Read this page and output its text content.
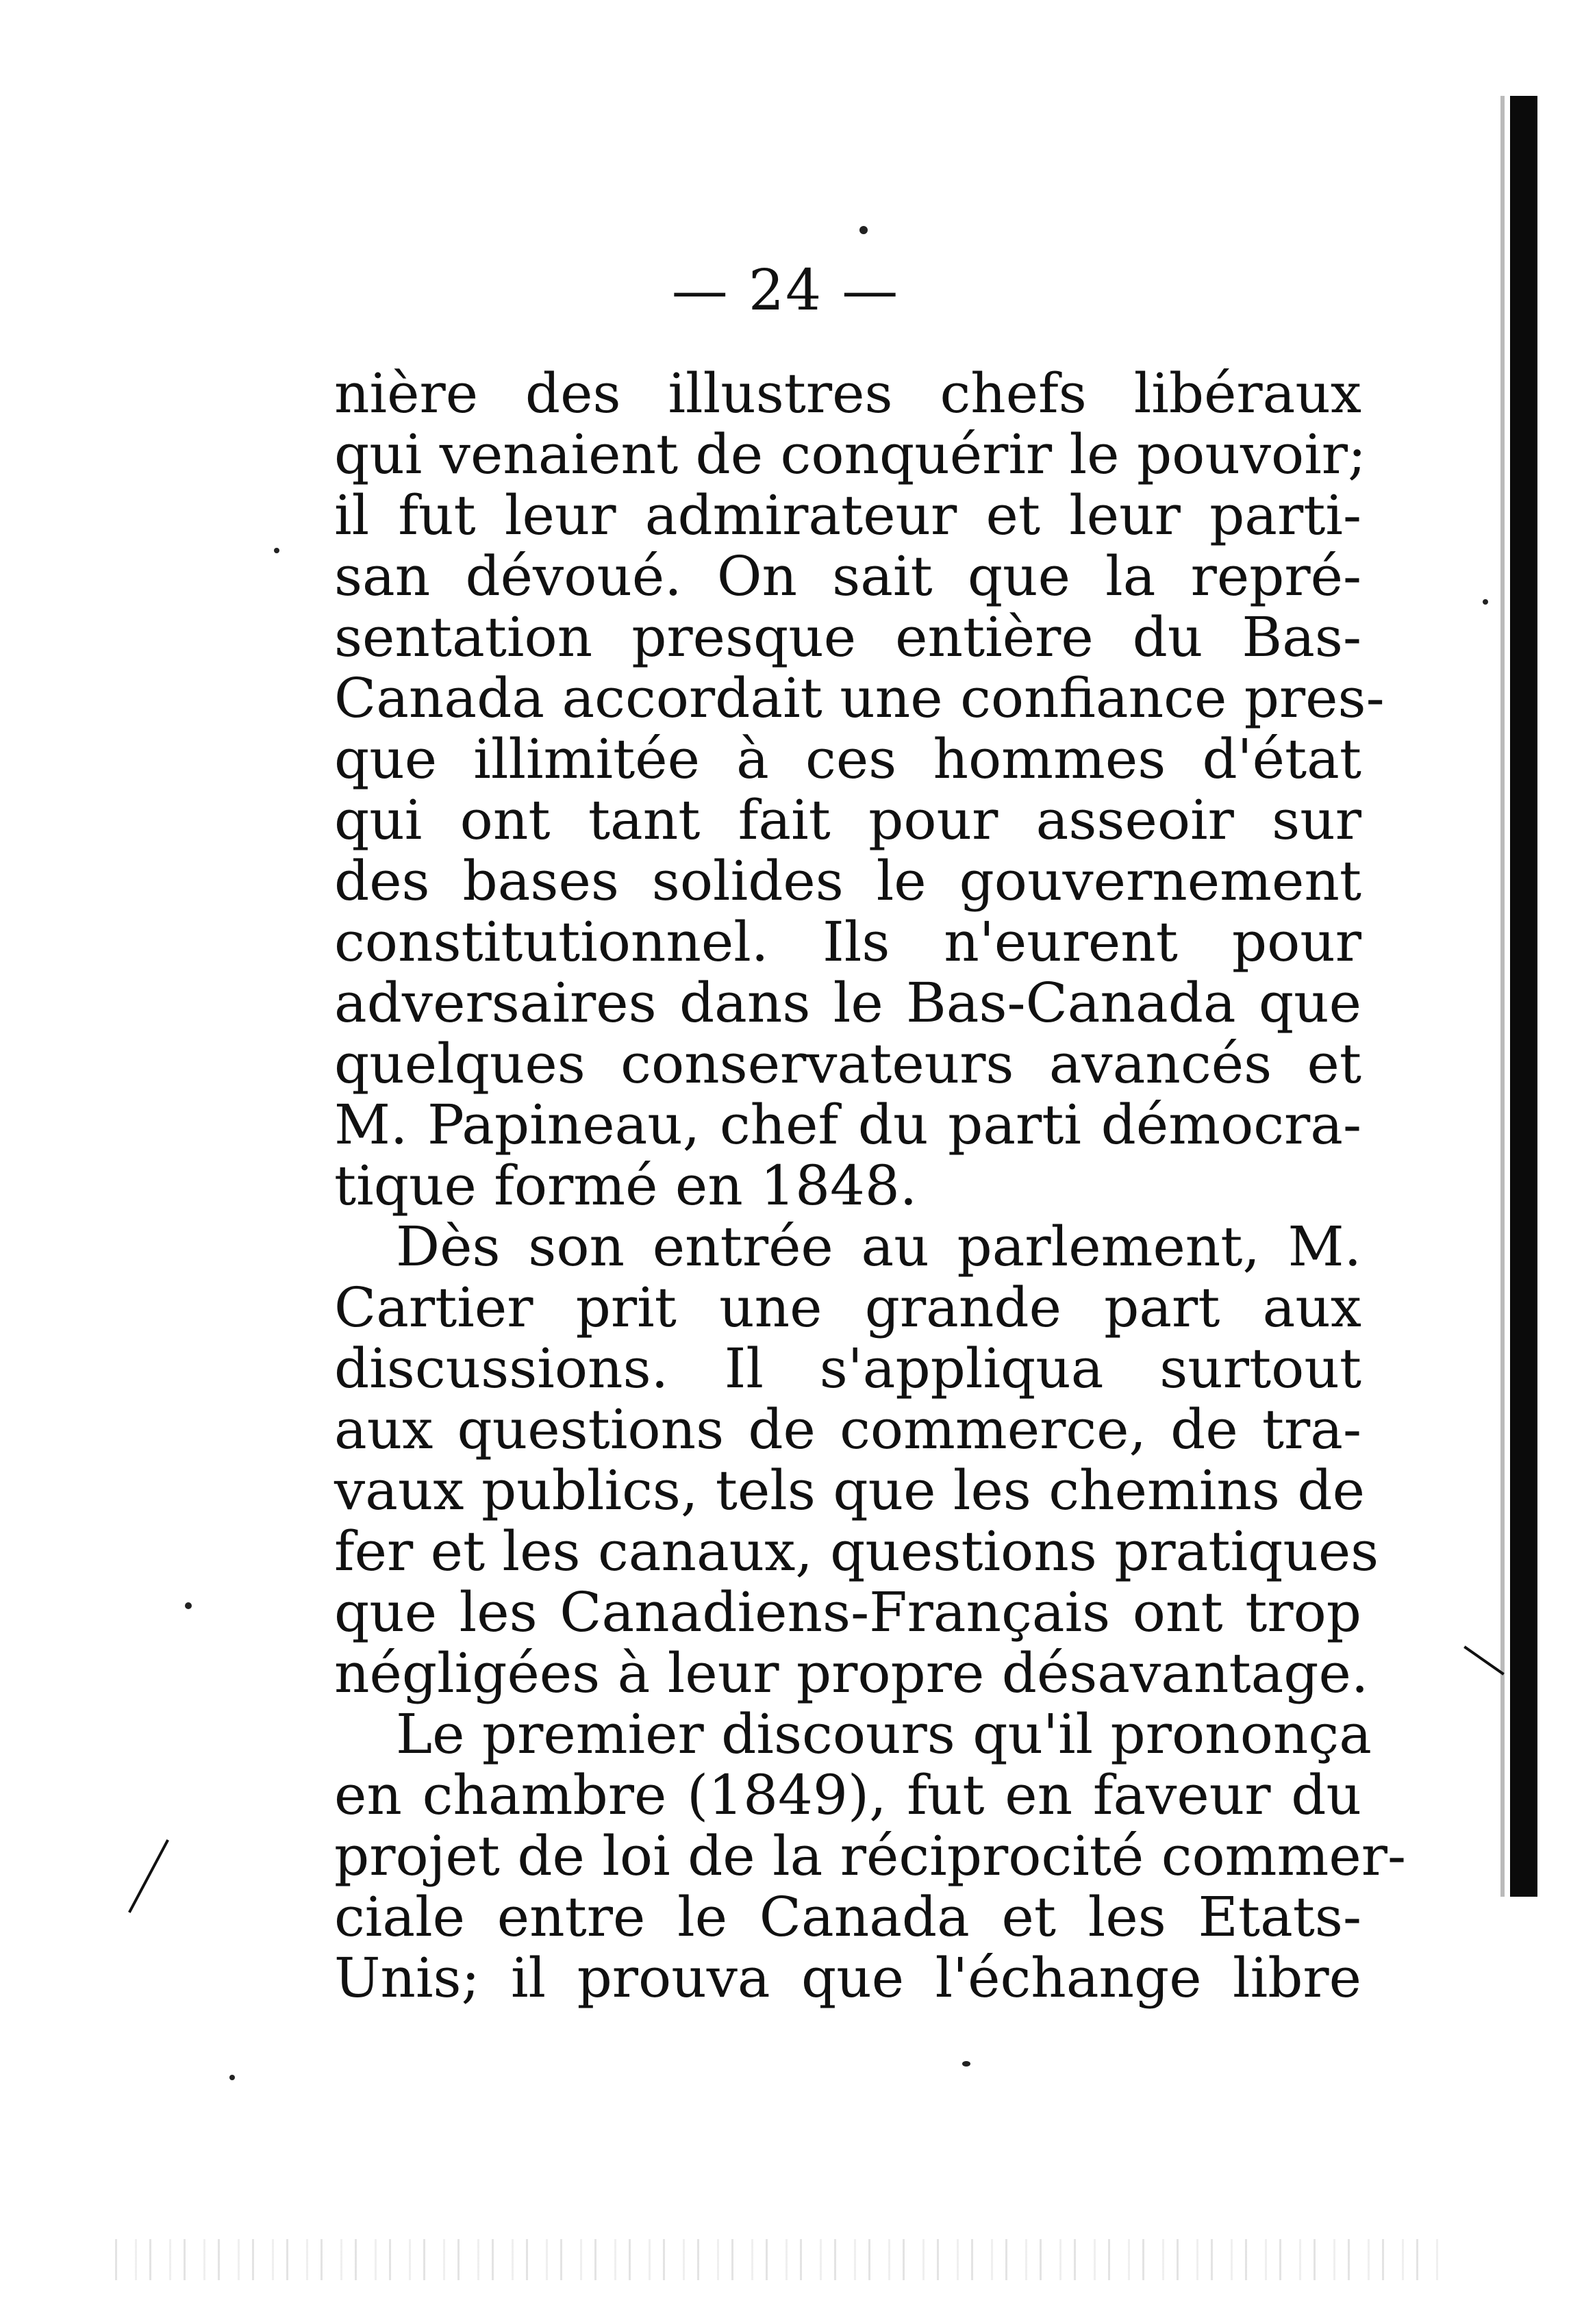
— 24 —
nière des illustres chefs libéraux
qui venaient de conquérir le pouvoir;
il fut leur admirateur et leur parti-
san dévoué. On sait que la repré-
sentation presque entière du Bas-
Canada accordait une confiance pres-
que illimitée à ces hommes d'état
qui ont tant fait pour asseoir sur
des bases solides le gouvernement
constitutionnel. Ils n'eurent pour
adversaires dans le Bas-Canada que
quelques conservateurs avancés et
M. Papineau, chef du parti démocra-
tique formé en 1848.
Dès son entrée au parlement, M.
Cartier prit une grande part aux
discussions. Il s'appliqua surtout
aux questions de commerce, de tra-
vaux publics, tels que les chemins de
fer et les canaux, questions pratiques
que les Canadiens-Français ont trop
négligées à leur propre désavantage.
Le premier discours qu'il prononça
en chambre (1849), fut en faveur du
projet de loi de la réciprocité commer-
ciale entre le Canada et les Etats-
Unis; il prouva que l'échange libre
